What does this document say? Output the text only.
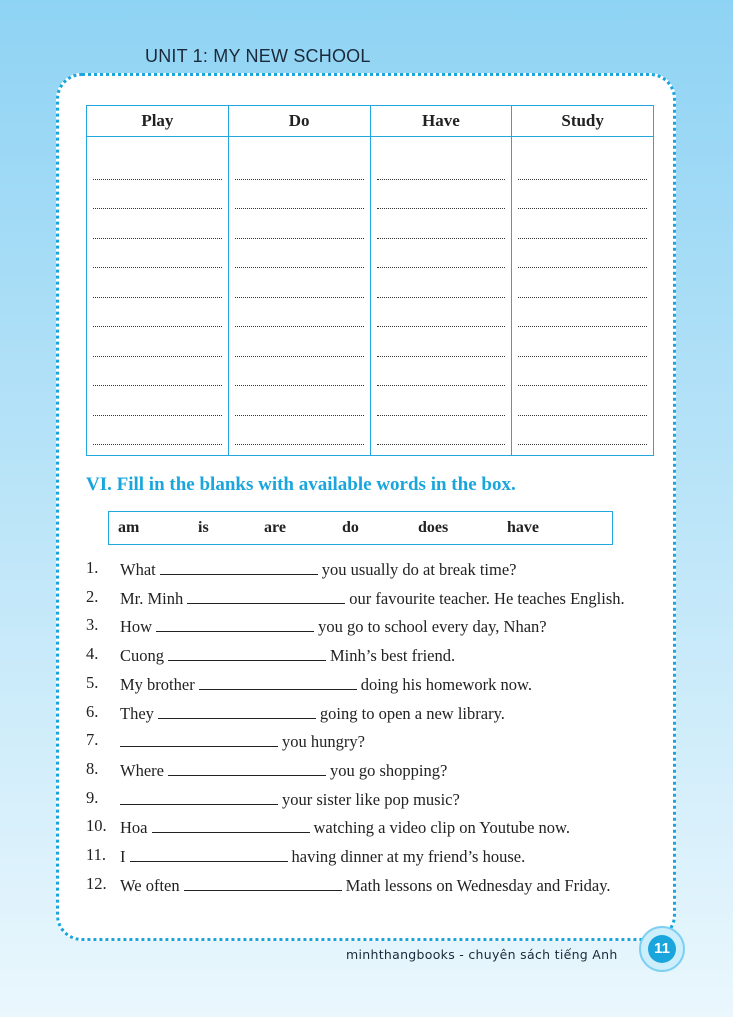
UNIT 1: MY NEW SCHOOL
Play	Do	Have	Study

VI. Fill in the blanks with available words in the box.
am	is	are	do	does	have
1.	What	you usually do at break time?
2.	Mr. Minh	our favourite teacher. He teaches English.
3.	How	you go to school every day, Nhan?
4.	Cuong	Minh’s best friend.
5.	My brother	doing his homework now.
6.	They	going to open a new library.
7.	you hungry?
8.	Where	you go shopping?
9.	your sister like pop music?
10. Hoa	watching a video clip on Youtube now.
11. I	having dinner at my friend’s house.
12. We often	Math lessons on Wednesday and Friday.
minhthangbooks - chuyên sách tiếng Anh	11
